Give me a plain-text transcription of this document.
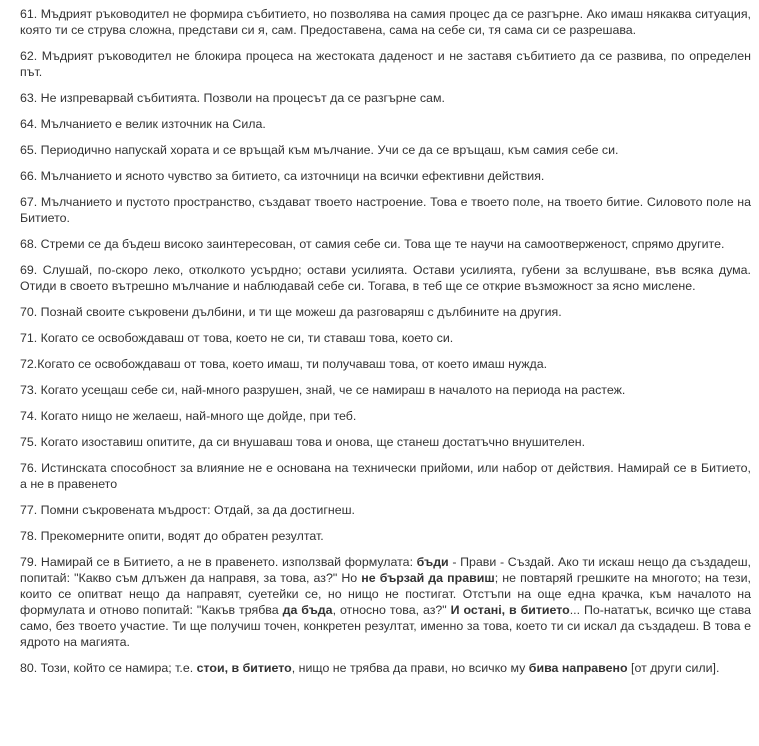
61. Мъдрият ръководител не формира събитието, но позволява на самия процес да се разгърне. Ако имаш някаква ситуация, която ти се струва сложна, представи си я, сам. Предоставена, сама на себе си, тя сама си се разрешава.

62. Мъдрият ръководител не блокира процеса на жестоката даденост и не заставя събитието да се развива, по определен път.

63. Не изпреварвай събитията. Позволи на процесът да се разгърне сам.

64. Мълчанието е велик източник на Сила.

65. Периодично напускай хората и се връщай към мълчание. Учи се да се връщаш, към самия себе си.

66. Мълчанието и ясното чувство за битието, са източници на всички ефективни действия.

67. Мълчанието и пустото пространство, създават твоето настроение. Това е твоето поле, на твоето битие. Силовото поле на Битието.

68. Стреми се да бъдеш високо заинтересован, от самия себе си. Това ще те научи на самоотверженост, спрямо другите.

69. Слушай, по-скоро леко, отколкото усърдно; остави усилията. Остави усилията, губени за вслушване, във всяка дума. Отиди в своето вътрешно мълчание и наблюдавай себе си. Тогава, в теб ще се открие възможност за ясно мислене.

70. Познай своите съкровени дълбини, и ти ще можеш да разговаряш с дълбините на другия.

71. Когато се освобождаваш от това, което не си, ти ставаш това, което си.

72.Когато се освобождаваш от това, което имаш, ти получаваш това, от което имаш нужда.

73. Когато усещаш себе си, най-много разрушен, знай, че се намираш в началото на периода на растеж.

74. Когато нищо не желаеш, най-много ще дойде, при теб.

75. Когато изоставиш опитите, да си внушаваш това и онова, ще станеш достатъчно внушителен.

76. Истинската способност за влияние не е основана на технически прийоми, или набор от действия. Намирай се в Битието, а не в правенето

77. Помни съкровената мъдрост: Отдай, за да достигнеш.

78. Прекомерните опити, водят до обратен резултат.

79. Намирай се в Битието, а не в правенето. използвай формулата: бъди - Прави - Създай. Ако ти искаш нещо да създадеш, попитай: "Какво съм длъжен да направя, за това, аз?" Но не бързай да правиш; не повтаряй грешките на многото; на тези, които се опитват нещо да направят, суетейки се, но нищо не постигат. Отстъпи на още една крачка, към началото на формулата и отново попитай: "Какъв трябва да бъда, относно това, аз?" И останi, в битието... По-нататък, всичко ще става само, без твоето участие. Ти ще получиш точен, конкретен резултат, именно за това, което ти си искал да създадеш. В това е ядрото на магията.

80. Този, който се намира; т.е. стои, в битието, нищо не трябва да прави, но всичко му бива направено [от други сили].
